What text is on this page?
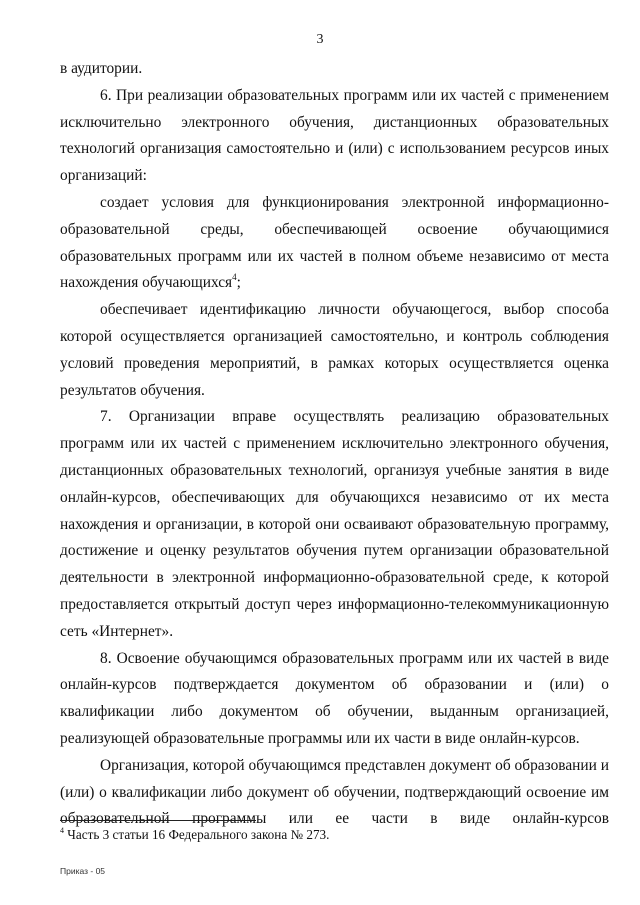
3

в аудитории.

6. При реализации образовательных программ или их частей с применением исключительно электронного обучения, дистанционных образовательных технологий организация самостоятельно и (или) с использованием ресурсов иных организаций:

создает условия для функционирования электронной информационно-образовательной среды, обеспечивающей освоение обучающимися образовательных программ или их частей в полном объеме независимо от места нахождения обучающихся$^4$;

обеспечивает идентификацию личности обучающегося, выбор способа которой осуществляется организацией самостоятельно, и контроль соблюдения условий проведения мероприятий, в рамках которых осуществляется оценка результатов обучения.

7. Организации вправе осуществлять реализацию образовательных программ или их частей с применением исключительно электронного обучения, дистанционных образовательных технологий, организуя учебные занятия в виде онлайн-курсов, обеспечивающих для обучающихся независимо от их места нахождения и организации, в которой они осваивают образовательную программу, достижение и оценку результатов обучения путем организации образовательной деятельности в электронной информационно-образовательной среде, к которой предоставляется открытый доступ через информационно-телекоммуникационную сеть «Интернет».

8. Освоение обучающимся образовательных программ или их частей в виде онлайн-курсов подтверждается документом об образовании и (или) о квалификации либо документом об обучении, выданным организацией, реализующей образовательные программы или их части в виде онлайн-курсов.

Организация, которой обучающимся представлен документ об образовании и (или) о квалификации либо документ об обучении, подтверждающий освоение им образовательной программы или ее части в виде онлайн-курсов

$^4$ Часть 3 статьи 16 Федерального закона № 273.
Приказ - 05
